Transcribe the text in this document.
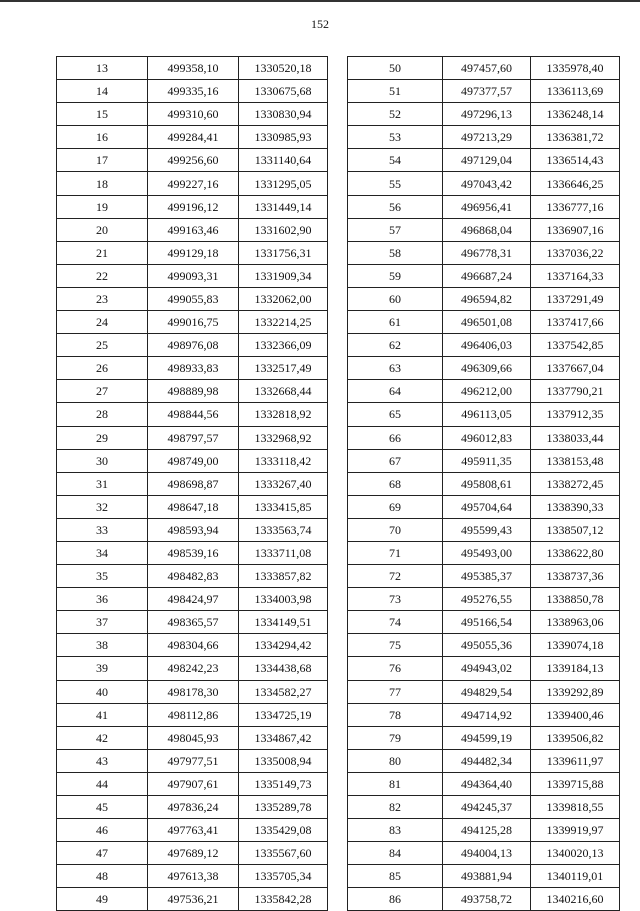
152
13	499358,10	1330520,18
14	499335,16	1330675,68
15	499310,60	1330830,94
16	499284,41	1330985,93
17	499256,60	1331140,64
18	499227,16	1331295,05
19	499196,12	1331449,14
20	499163,46	1331602,90
21	499129,18	1331756,31
22	499093,31	1331909,34
23	499055,83	1332062,00
24	499016,75	1332214,25
25	498976,08	1332366,09
26	498933,83	1332517,49
27	498889,98	1332668,44
28	498844,56	1332818,92
29	498797,57	1332968,92
30	498749,00	1333118,42
31	498698,87	1333267,40
32	498647,18	1333415,85
33	498593,94	1333563,74
34	498539,16	1333711,08
35	498482,83	1333857,82
36	498424,97	1334003,98
37	498365,57	1334149,51
38	498304,66	1334294,42
39	498242,23	1334438,68
40	498178,30	1334582,27
41	498112,86	1334725,19
42	498045,93	1334867,42
43	497977,51	1335008,94
44	497907,61	1335149,73
45	497836,24	1335289,78
46	497763,41	1335429,08
47	497689,12	1335567,60
48	497613,38	1335705,34
49	497536,21	1335842,28
50	497457,60	1335978,40
51	497377,57	1336113,69
52	497296,13	1336248,14
53	497213,29	1336381,72
54	497129,04	1336514,43
55	497043,42	1336646,25
56	496956,41	1336777,16
57	496868,04	1336907,16
58	496778,31	1337036,22
59	496687,24	1337164,33
60	496594,82	1337291,49
61	496501,08	1337417,66
62	496406,03	1337542,85
63	496309,66	1337667,04
64	496212,00	1337790,21
65	496113,05	1337912,35
66	496012,83	1338033,44
67	495911,35	1338153,48
68	495808,61	1338272,45
69	495704,64	1338390,33
70	495599,43	1338507,12
71	495493,00	1338622,80
72	495385,37	1338737,36
73	495276,55	1338850,78
74	495166,54	1338963,06
75	495055,36	1339074,18
76	494943,02	1339184,13
77	494829,54	1339292,89
78	494714,92	1339400,46
79	494599,19	1339506,82
80	494482,34	1339611,97
81	494364,40	1339715,88
82	494245,37	1339818,55
83	494125,28	1339919,97
84	494004,13	1340020,13
85	493881,94	1340119,01
86	493758,72	1340216,60
